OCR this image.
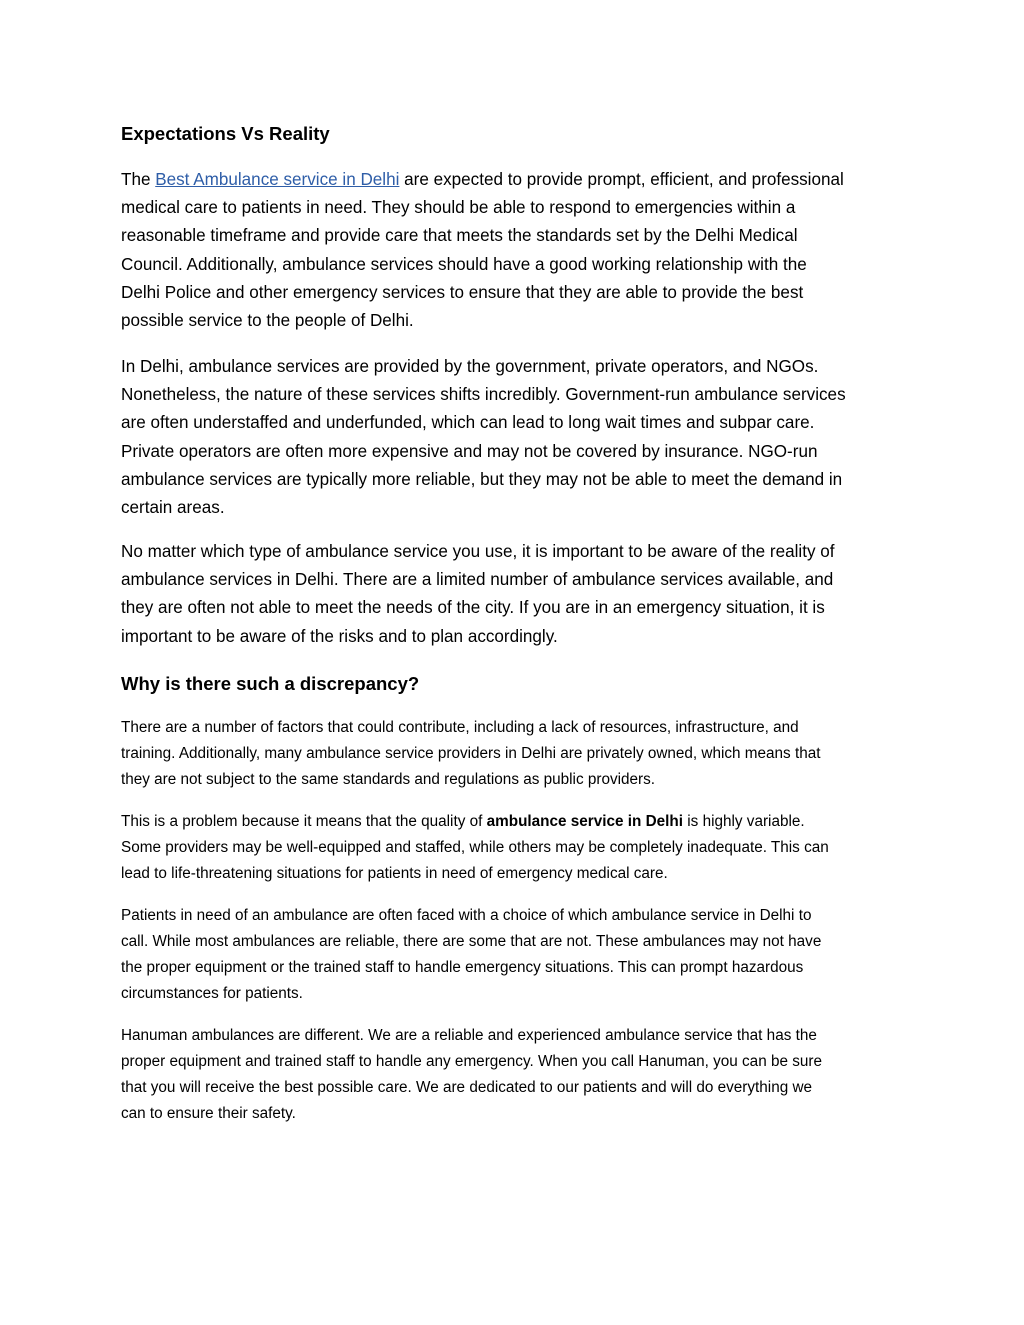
Expectations Vs Reality
The Best Ambulance service in Delhi are expected to provide prompt, efficient, and professional
medical care to patients in need. They should be able to respond to emergencies within a
reasonable timeframe and provide care that meets the standards set by the Delhi Medical
Council. Additionally, ambulance services should have a good working relationship with the
Delhi Police and other emergency services to ensure that they are able to provide the best
possible service to the people of Delhi.
In Delhi, ambulance services are provided by the government, private operators, and NGOs.
Nonetheless, the nature of these services shifts incredibly. Government-run ambulance services
are often understaffed and underfunded, which can lead to long wait times and subpar care.
Private operators are often more expensive and may not be covered by insurance. NGO-run
ambulance services are typically more reliable, but they may not be able to meet the demand in
certain areas.
No matter which type of ambulance service you use, it is important to be aware of the reality of
ambulance services in Delhi. There are a limited number of ambulance services available, and
they are often not able to meet the needs of the city. If you are in an emergency situation, it is
important to be aware of the risks and to plan accordingly.
Why is there such a discrepancy?
There are a number of factors that could contribute, including a lack of resources, infrastructure, and
training. Additionally, many ambulance service providers in Delhi are privately owned, which means that
they are not subject to the same standards and regulations as public providers.
This is a problem because it means that the quality of ambulance service in Delhi is highly variable.
Some providers may be well-equipped and staffed, while others may be completely inadequate. This can
lead to life-threatening situations for patients in need of emergency medical care.
Patients in need of an ambulance are often faced with a choice of which ambulance service in Delhi to
call. While most ambulances are reliable, there are some that are not. These ambulances may not have
the proper equipment or the trained staff to handle emergency situations. This can prompt hazardous
circumstances for patients.
Hanuman ambulances are different. We are a reliable and experienced ambulance service that has the
proper equipment and trained staff to handle any emergency. When you call Hanuman, you can be sure
that you will receive the best possible care. We are dedicated to our patients and will do everything we
can to ensure their safety.
